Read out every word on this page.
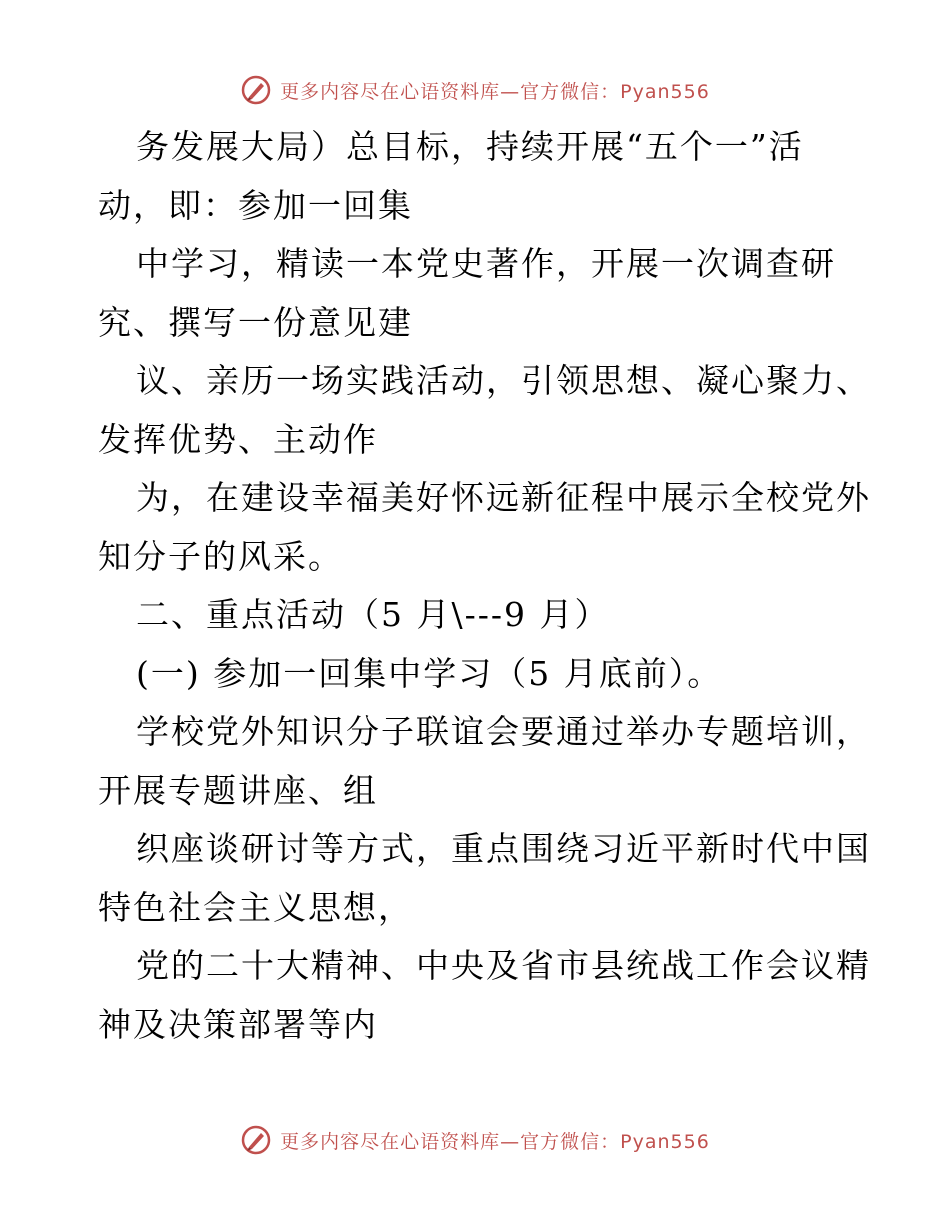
更多内容尽在心语资料库—官方微信：Pyan556
务发展大局）总目标，持续开展“五个一”活
动，即：参加一回集
中学习，精读一本党史著作，开展一次调查研
究、撰写一份意见建
议、亲历一场实践活动，引领思想、凝心聚力、
发挥优势、主动作
为，在建设幸福美好怀远新征程中展示全校党外
知分子的风采。
二、重点活动（5 月\---9 月）
(一) 参加一回集中学习（5 月底前）。
学校党外知识分子联谊会要通过举办专题培训，
开展专题讲座、组
织座谈研讨等方式，重点围绕习近平新时代中国
特色社会主义思想，
党的二十大精神、中央及省市县统战工作会议精
神及决策部署等内
更多内容尽在心语资料库—官方微信：Pyan556
